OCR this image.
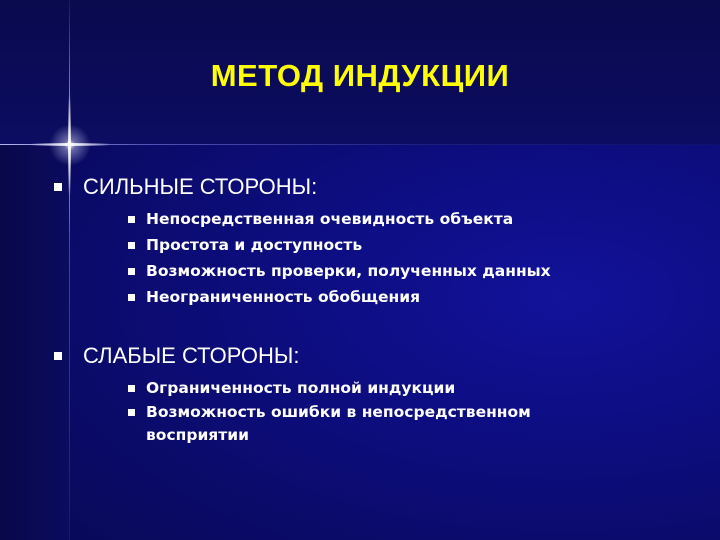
МЕТОД ИНДУКЦИИ
СИЛЬНЫЕ СТОРОНЫ:
Непосредственная очевидность объекта
Простота и доступность
Возможность проверки, полученных данных
Неограниченность обобщения
СЛАБЫЕ СТОРОНЫ:
Ограниченность полной индукции
Возможность ошибки в непосредственном восприятии
